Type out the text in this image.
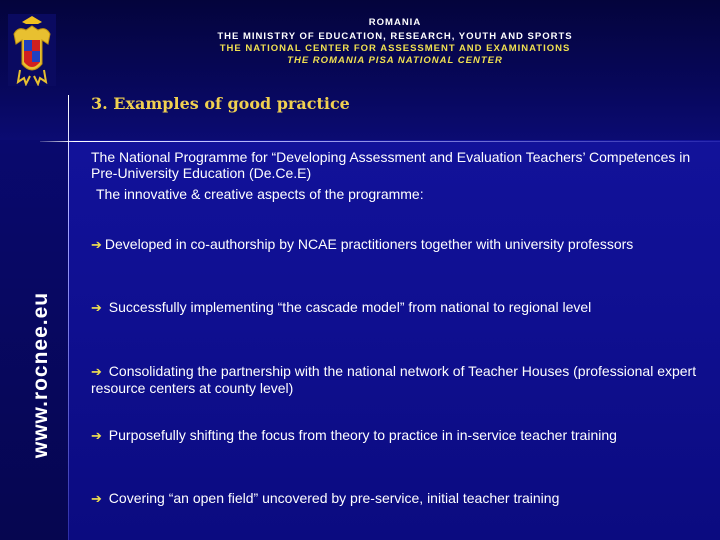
ROMANIA
THE MINISTRY OF EDUCATION, RESEARCH, YOUTH AND SPORTS
THE NATIONAL CENTER FOR ASSESSMENT AND EXAMINATIONS
THE ROMANIA PISA NATIONAL CENTER
3. Examples of good practice
www.rocnee.eu
The National Programme for “Developing Assessment and Evaluation Teachers’ Competences in Pre-University Education (De.Ce.E)
The innovative & creative aspects of the programme:
➔ Developed in co-authorship by NCAE practitioners together with university professors
➔ Successfully implementing “the cascade model” from national to regional level
➔ Consolidating the partnership with the national network of Teacher Houses (professional expert resource centers at county level)
➔ Purposefully shifting the focus from theory to practice in in-service teacher training
➔ Covering “an open field” uncovered by pre-service, initial teacher training
